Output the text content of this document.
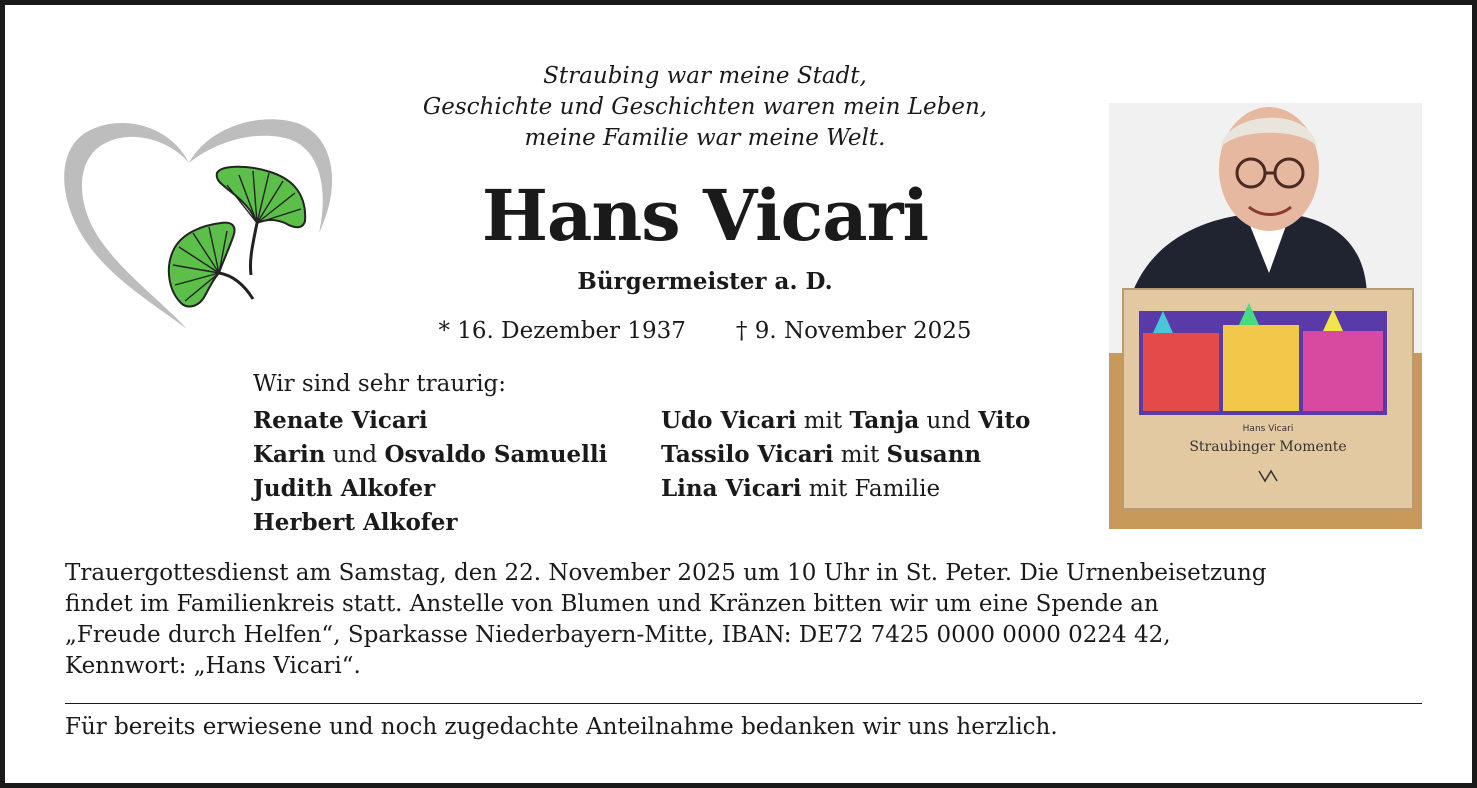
Straubing war meine Stadt,
Geschichte und Geschichten waren mein Leben,
meine Familie war meine Welt.
Hans Vicari
Bürgermeister a. D.
* 16. Dezember 1937 † 9. November 2025
Wir sind sehr traurig:
Renate Vicari
Karin und Osvaldo Samuelli
Judith Alkofer
Herbert Alkofer
Udo Vicari mit Tanja und Vito
Tassilo Vicari mit Susann
Lina Vicari mit Familie
Hans Vicari
Straubinger Momente
Trauergottesdienst am Samstag, den 22. November 2025 um 10 Uhr in St. Peter. Die Urnenbeisetzung
findet im Familienkreis statt. Anstelle von Blumen und Kränzen bitten wir um eine Spende an
„Freude durch Helfen“, Sparkasse Niederbayern-Mitte, IBAN: DE72 7425 0000 0000 0224 42,
Kennwort: „Hans Vicari“.
Für bereits erwiesene und noch zugedachte Anteilnahme bedanken wir uns herzlich.
